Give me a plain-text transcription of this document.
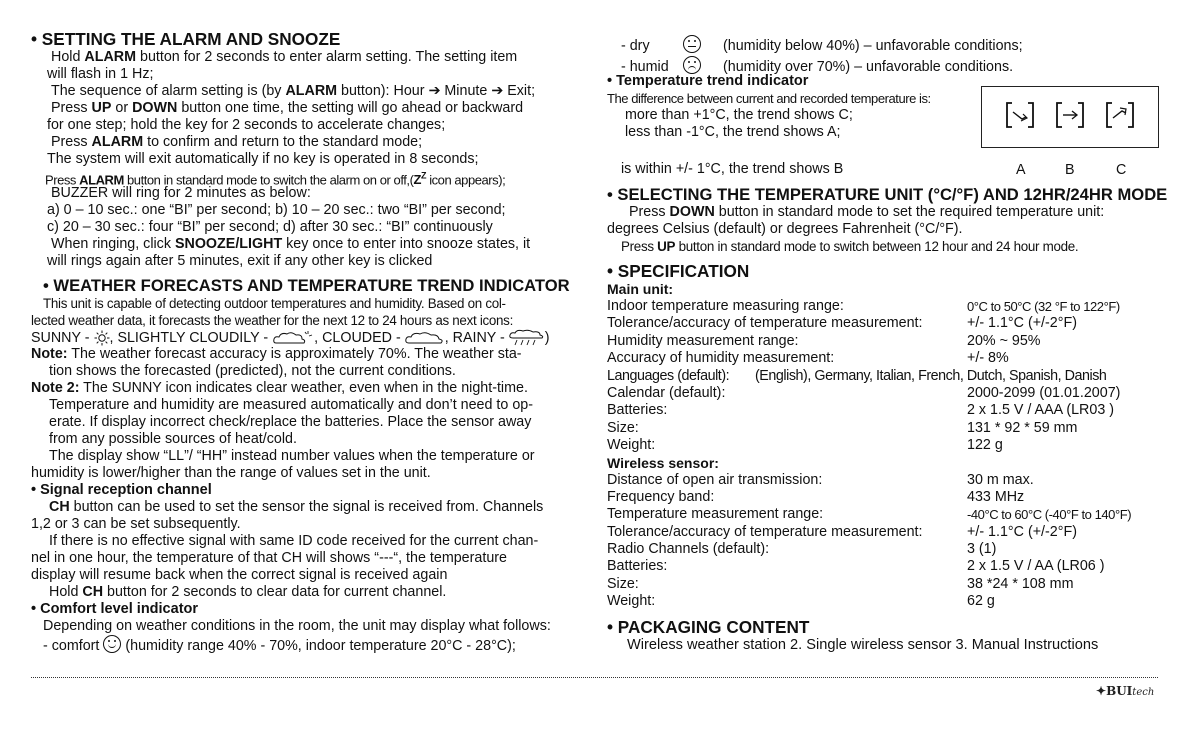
• SETTING THE ALARM AND SNOOZE
Hold ALARM button for 2 seconds to enter alarm setting. The setting item
will flash in 1 Hz;
The sequence of alarm setting is (by ALARM button): Hour ➔ Minute ➔ Exit;
Press UP or DOWN button one time, the setting will go ahead or backward
for one step; hold the key for 2 seconds to accelerate changes;
Press ALARM to confirm and return to the standard mode;
The system will exit automatically if no key is operated in 8 seconds;
Press ALARM button in standard mode to switch the alarm on or $off,(Z^Z$ icon appears);
BUZZER will ring for 2 minutes as below:
a) 0 – 10 sec.: one “BI” per second; b) 10 – 20 sec.: two “BI” per second;
c) 20 – 30 sec.: four “BI” per second; d) after 30 sec.: “BI” continuously
When ringing, click SNOOZE/LIGHT key once to enter into snooze states, it
will rings again after 5 minutes, exit if any other key is clicked
• WEATHER FORECASTS AND TEMPERATURE TREND INDICATOR
This unit is capable of detecting outdoor temperatures and humidity. Based on col-
lected weather data, it forecasts the weather for the next 12 to 24 hours as next icons:
SUNNY - , SLIGHTLY CLOUDILY -	, CLOUDED -	, RAINY -	)
Note: The weather forecast accuracy is approximately 70%. The weather sta-
tion shows the forecasted (predicted), not the current conditions.
Note 2: The SUNNY icon indicates clear weather, even when in the night-time.
Temperature and humidity are measured automatically and don’t need to op-
erate. If display incorrect check/replace the batteries. Place the sensor away
from any possible sources of heat/cold.
The display show “LL”/ “HH” instead number values when the temperature or
humidity is lower/higher than the range of values set in the unit.
• Signal reception channel
CH button can be used to set the sensor the signal is received from. Channels
1,2 or 3 can be set subsequently.
If there is no effective signal with same ID code received for the current chan-
nel in one hour, the temperature of that CH will shows “---“, the temperature
display will resume back when the correct signal is received again
Hold CH button for 2 seconds to clear data for current channel.
• Comfort level indicator
Depending on weather conditions in the room, the unit may display what follows:
- comfort
(humidity range 40% - 70%, indoor temperature 20°C - 28°C);
- dry	(humidity below 40%) – unfavorable conditions;
- humid	(humidity over 70%) – unfavorable conditions.
• Temperature trend indicator
The difference between current and recorded temperature is:
more than +1°C, the trend shows C;
less than -1°C, the trend shows A;
is within +/- 1°C, the trend shows B
• SELECTING THE TEMPERATURE UNIT (°C/°F) AND 12HR/24HR MODE
Press DOWN button in standard mode to set the required temperature unit:
degrees Celsius (default) or degrees Fahrenheit (°C/°F).
Press UP button in standard mode to switch between 12 hour and 24 hour mode.
• SPECIFICATION
Main unit:
Indoor temperature measuring range:	0°C to 50°C (32 °F to 122°F)
Tolerance/accuracy of temperature measurement:	+/- 1.1°C (+/-2°F)
Humidity measurement range:	20% ~ 95%
Accuracy of humidity measurement:	+/- 8%
Languages (default):	(English), Germany, Italian, French, Dutch, Spanish, Danish
Calendar (default):	2000-2099 (01.01.2007)
Batteries:	2 x 1.5 V / AAA (LR03 )
Size:	131 * 92 * 59 mm
Weight:	122 g
Wireless sensor:
Distance of open air transmission:	30 m max.
Frequency band:	433 MHz
Temperature measurement range:	-40°C to 60°C (-40°F to 140°F)
Tolerance/accuracy of temperature measurement:	+/- 1.1°C (+/-2°F)
Radio Channels (default):	3 (1)
Batteries:	2 x 1.5 V / AA (LR06 )
Size:	38 *24 * 108 mm
Weight:	62 g
• PACKAGING CONTENT
Wireless weather station 2. Single wireless sensor 3. Manual Instructions
A	B	C
✦BUItech
